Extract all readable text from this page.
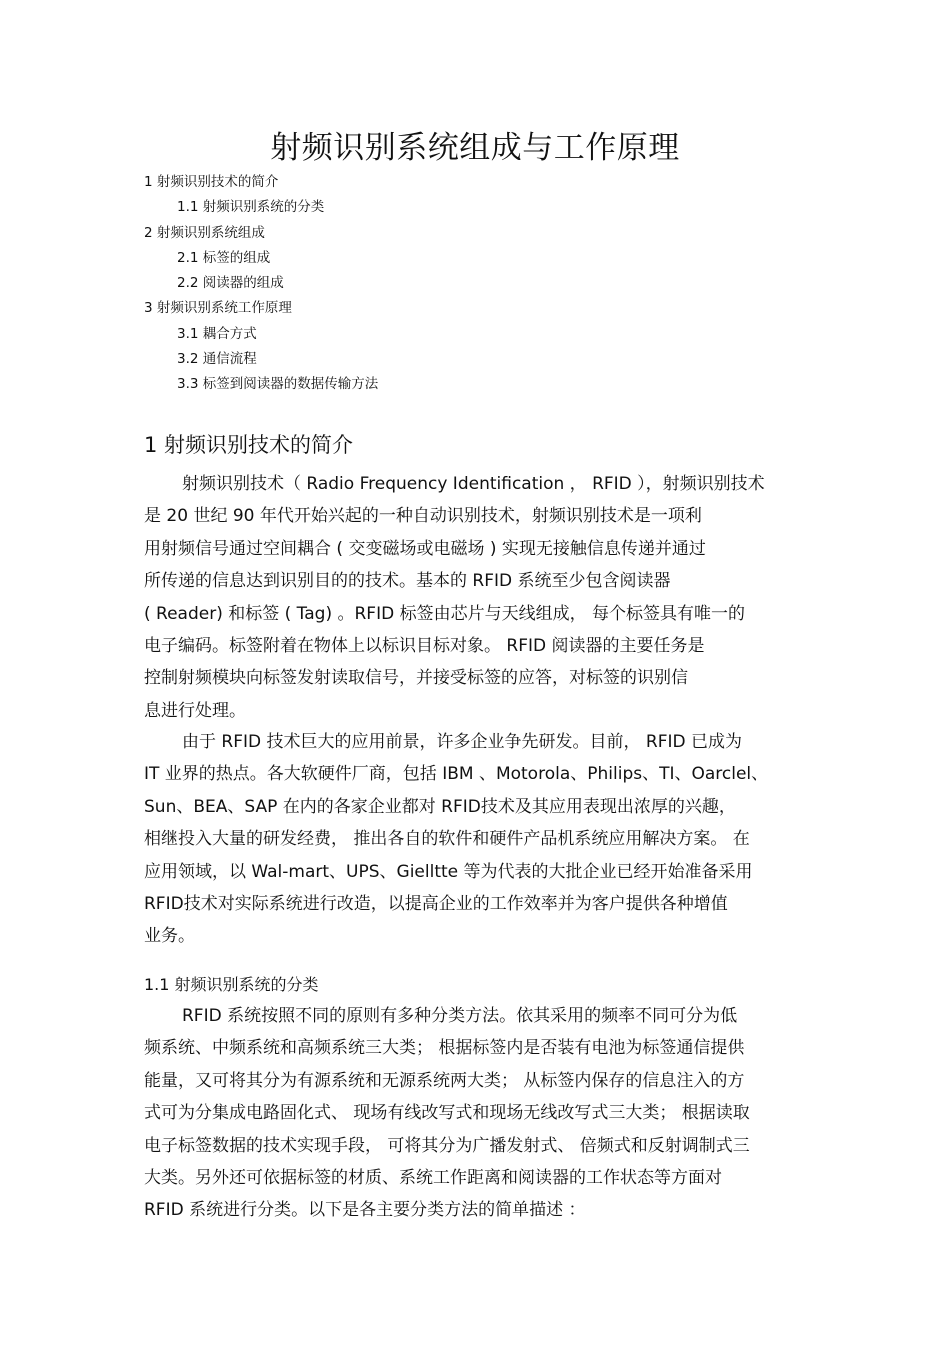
射频识别系统组成与工作原理
1 射频识别技术的简介
1.1 射频识别系统的分类
2 射频识别系统组成
2.1 标签的组成
2.2 阅读器的组成
3 射频识别系统工作原理
3.1 耦合方式
3.2 通信流程
3.3 标签到阅读器的数据传输方法
1 射频识别技术的简介
射频识别技术（ Radio Frequency Identification ， RFID ），射频识别技术
是 20 世纪 90 年代开始兴起的一种自动识别技术，射频识别技术是一项利
用射频信号通过空间耦合 ( 交变磁场或电磁场 ) 实现无接触信息传递并通过
所传递的信息达到识别目的的技术。基本的 RFID 系统至少包含阅读器
( Reader) 和标签 ( Tag) 。RFID 标签由芯片与天线组成， 每个标签具有唯一的
电子编码。标签附着在物体上以标识目标对象。 RFID 阅读器的主要任务是
控制射频模块向标签发射读取信号，并接受标签的应答，对标签的识别信
息进行处理。
由于 RFID 技术巨大的应用前景，许多企业争先研发。目前， RFID 已成为
IT 业界的热点。各大软硬件厂商，包括 IBM 、Motorola、Philips、TI、Oarclel、
Sun、BEA、SAP 在内的各家企业都对 RFID技术及其应用表现出浓厚的兴趣，
相继投入大量的研发经费， 推出各自的软件和硬件产品机系统应用解决方案。 在
应用领域，以 Wal-mart、UPS、Gielltte 等为代表的大批企业已经开始准备采用
RFID技术对实际系统进行改造，以提高企业的工作效率并为客户提供各种增值
业务。
1.1 射频识别系统的分类
RFID 系统按照不同的原则有多种分类方法。依其采用的频率不同可分为低
频系统、中频系统和高频系统三大类； 根据标签内是否装有电池为标签通信提供
能量，又可将其分为有源系统和无源系统两大类； 从标签内保存的信息注入的方
式可为分集成电路固化式、 现场有线改写式和现场无线改写式三大类； 根据读取
电子标签数据的技术实现手段， 可将其分为广播发射式、 倍频式和反射调制式三
大类。另外还可依据标签的材质、系统工作距离和阅读器的工作状态等方面对
RFID 系统进行分类。以下是各主要分类方法的简单描述 ：
